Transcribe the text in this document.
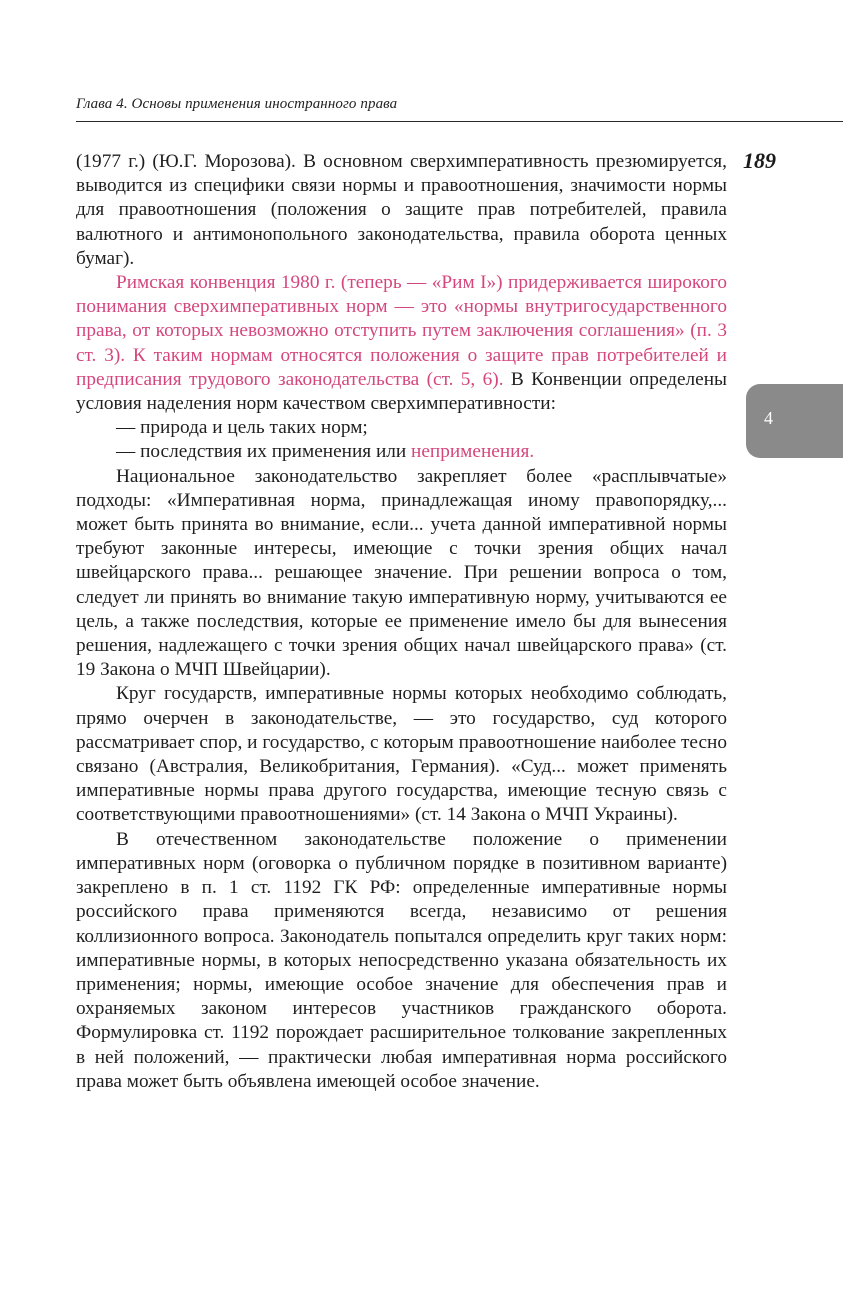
Глава 4. Основы применения иностранного права
189
4

(1977 г.) (Ю.Г. Морозова). В основном сверхимперативность презюмируется, выводится из специфики связи нормы и правоотношения, значимости нормы для правоотношения (положения о защите прав потребителей, правила валютного и антимонопольного законодательства, правила оборота ценных бумаг).

Римская конвенция 1980 г. (теперь — «Рим I») придерживается широкого понимания сверхимперативных норм — это «нормы внутригосударственного права, от которых невозможно отступить путем заключения соглашения» (п. 3 ст. 3). К таким нормам относятся положения о защите прав потребителей и предписания трудового законодательства (ст. 5, 6). В Конвенции определены условия наделения норм качеством сверхимперативности:

— природа и цель таких норм;

— последствия их применения или неприменения.

Национальное законодательство закрепляет более «расплывчатые» подходы: «Императивная норма, принадлежащая иному правопорядку,... может быть принята во внимание, если... учета данной императивной нормы требуют законные интересы, имеющие с точки зрения общих начал швейцарского права... решающее значение. При решении вопроса о том, следует ли принять во внимание такую императивную норму, учитываются ее цель, а также последствия, которые ее применение имело бы для вынесения решения, надлежащего с точки зрения общих начал швейцарского права» (ст. 19 Закона о МЧП Швейцарии).

Круг государств, императивные нормы которых необходимо соблюдать, прямо очерчен в законодательстве, — это государство, суд которого рассматривает спор, и государство, с которым правоотношение наиболее тесно связано (Австралия, Великобритания, Германия). «Суд... может применять императивные нормы права другого государства, имеющие тесную связь с соответствующими правоотношениями» (ст. 14 Закона о МЧП Украины).

В отечественном законодательстве положение о применении императивных норм (оговорка о публичном порядке в позитивном варианте) закреплено в п. 1 ст. 1192 ГК РФ: определенные императивные нормы российского права применяются всегда, независимо от решения коллизионного вопроса. Законодатель попытался определить круг таких норм: императивные нормы, в которых непосредственно указана обязательность их применения; нормы, имеющие особое значение для обеспечения прав и охраняемых законом интересов участников гражданского оборота. Формулировка ст. 1192 порождает расширительное толкование закрепленных в ней положений, — практически любая императивная норма российского права может быть объявлена имеющей особое значение.
